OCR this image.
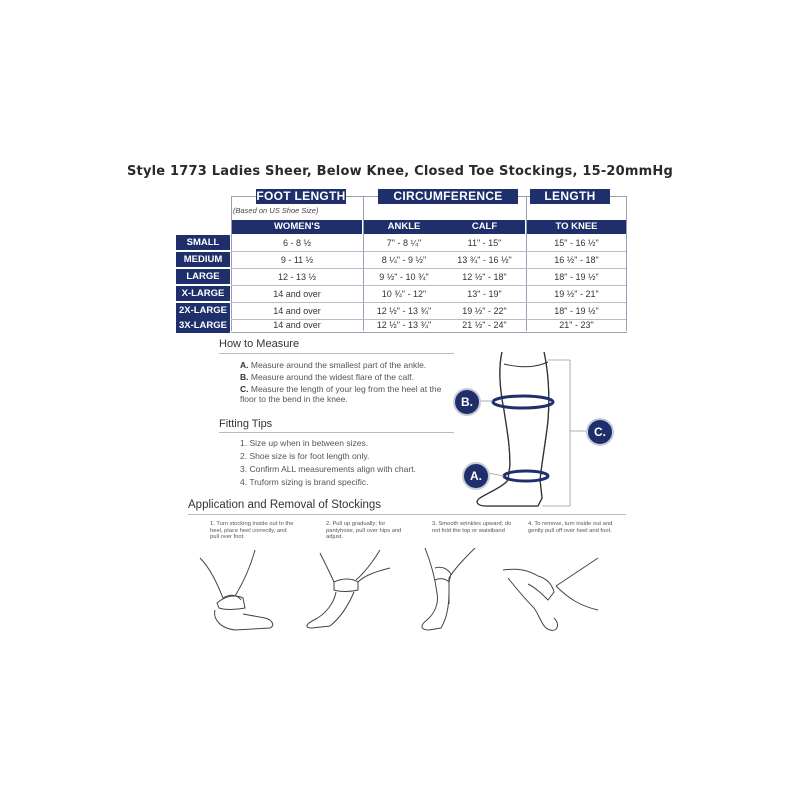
Style 1773 Ladies Sheer, Below Knee, Closed Toe Stockings, 15-20mmHg
FOOT LENGTH	CIRCUMFERENCE	LENGTH
(Based on US Shoe Size)
WOMEN'S	ANKLE	CALF	TO KNEE
SMALL	6 - 8 ½	7" - 8 ¼"	11" - 15"	15" - 16 ½"
MEDIUM	9 - 11 ½	8 ¼" - 9 ½"	13 ¾" - 16 ½"	16 ½" - 18"
LARGE	12 - 13 ½	9 ½" - 10 ¾"	12 ½" - 18"	18" - 19 ½"
X-LARGE	14 and over	10 ¾" - 12"	13" - 19"	19 ½" - 21"
2X-LARGE	14 and over	12 ½" - 13 ¾"	19 ½" - 22"	18" - 19 ½"
3X-LARGE	14 and over	12 ½" - 13 ¾"	21 ½" - 24"	21" - 23"
How to Measure
A. Measure around the smallest part of the ankle.
B. Measure around the widest flare of the calf.
C. Measure the length of your leg from the heel at the floor to the bend in the knee.
Fitting Tips
1. Size up when in between sizes.
2. Shoe size is for foot length only.
3. Confirm ALL measurements align with chart.
4. Truform sizing is brand specific.
B.
A.
C.
Application and Removal of Stockings
1. Turn stocking inside out to the heel, place heel correctly, and pull over foot.
2. Pull up gradually; for pantyhose, pull over hips and adjust.
3. Smooth wrinkles upward; do not fold the top or waistband
4. To remove, turn inside out and gently pull off over heel and foot.
